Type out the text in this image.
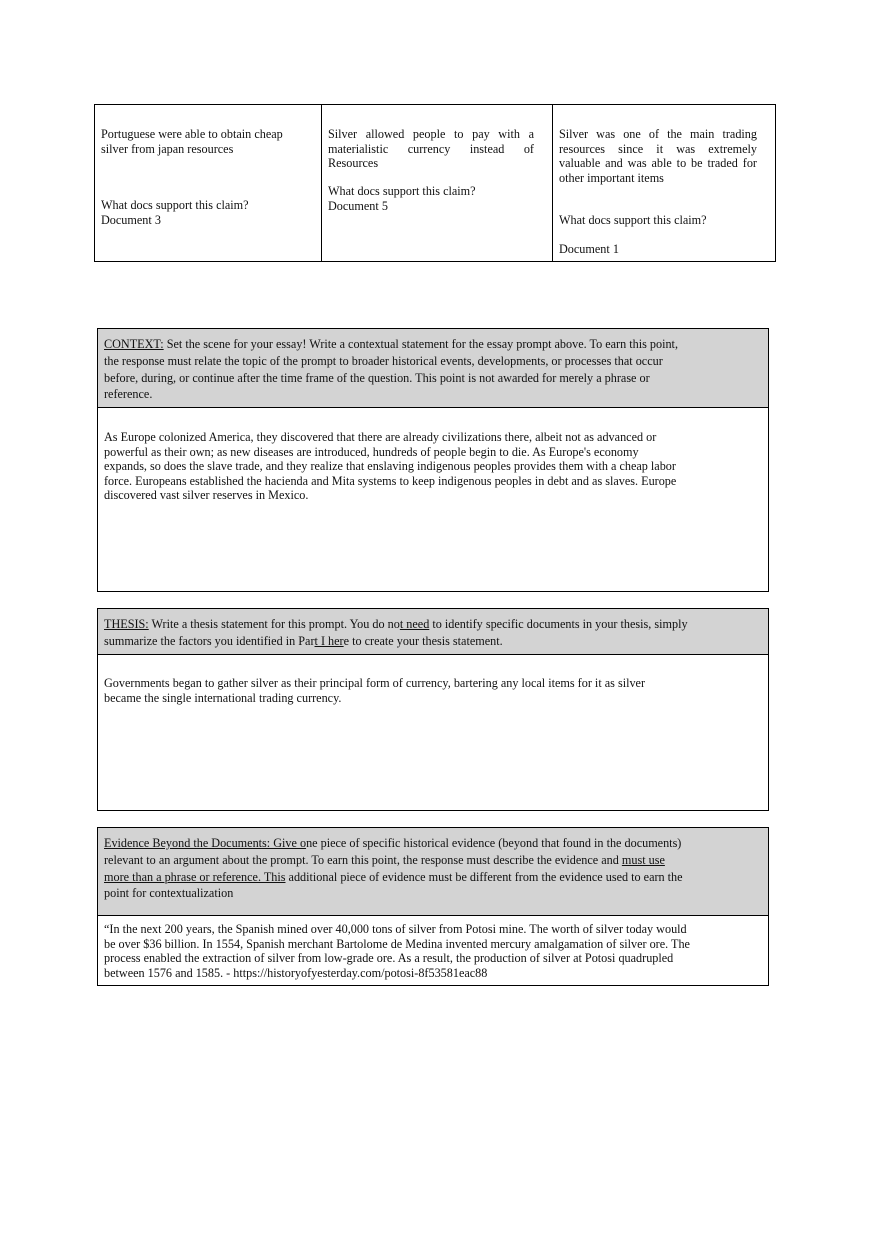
Portuguese were able to obtain cheap silver from japan resources
What docs support this claim?
Document 3
Silver allowed people to pay with a materialistic currency instead of Resources
What docs support this claim?
Document 5
Silver was one of the main trading resources since it was extremely valuable and was able to be traded for other important items
What docs support this claim?
Document 1
CONTEXT: Set the scene for your essay! Write a contextual statement for the essay prompt above. To earn this point, the response must relate the topic of the prompt to broader historical events, developments, or processes that occur before, during, or continue after the time frame of the question. This point is not awarded for merely a phrase or reference.
As Europe colonized America, they discovered that there are already civilizations there, albeit not as advanced or powerful as their own; as new diseases are introduced, hundreds of people begin to die. As Europe's economy expands, so does the slave trade, and they realize that enslaving indigenous peoples provides them with a cheap labor force. Europeans established the hacienda and Mita systems to keep indigenous peoples in debt and as slaves. Europe discovered vast silver reserves in Mexico.
THESIS: Write a thesis statement for this prompt. You do not need to identify specific documents in your thesis, simply summarize the factors you identified in Part I here to create your thesis statement.
Governments began to gather silver as their principal form of currency, bartering any local items for it as silver became the single international trading currency.
Evidence Beyond the Documents: Give one piece of specific historical evidence (beyond that found in the documents) relevant to an argument about the prompt. To earn this point, the response must describe the evidence and must use more than a phrase or reference. This additional piece of evidence must be different from the evidence used to earn the point for contextualization
“In the next 200 years, the Spanish mined over 40,000 tons of silver from Potosi mine. The worth of silver today would be over $36 billion. In 1554, Spanish merchant Bartolome de Medina invented mercury amalgamation of silver ore. The process enabled the extraction of silver from low-grade ore. As a result, the production of silver at Potosi quadrupled between 1576 and 1585. - https://historyofyesterday.com/potosi-8f53581eac88
